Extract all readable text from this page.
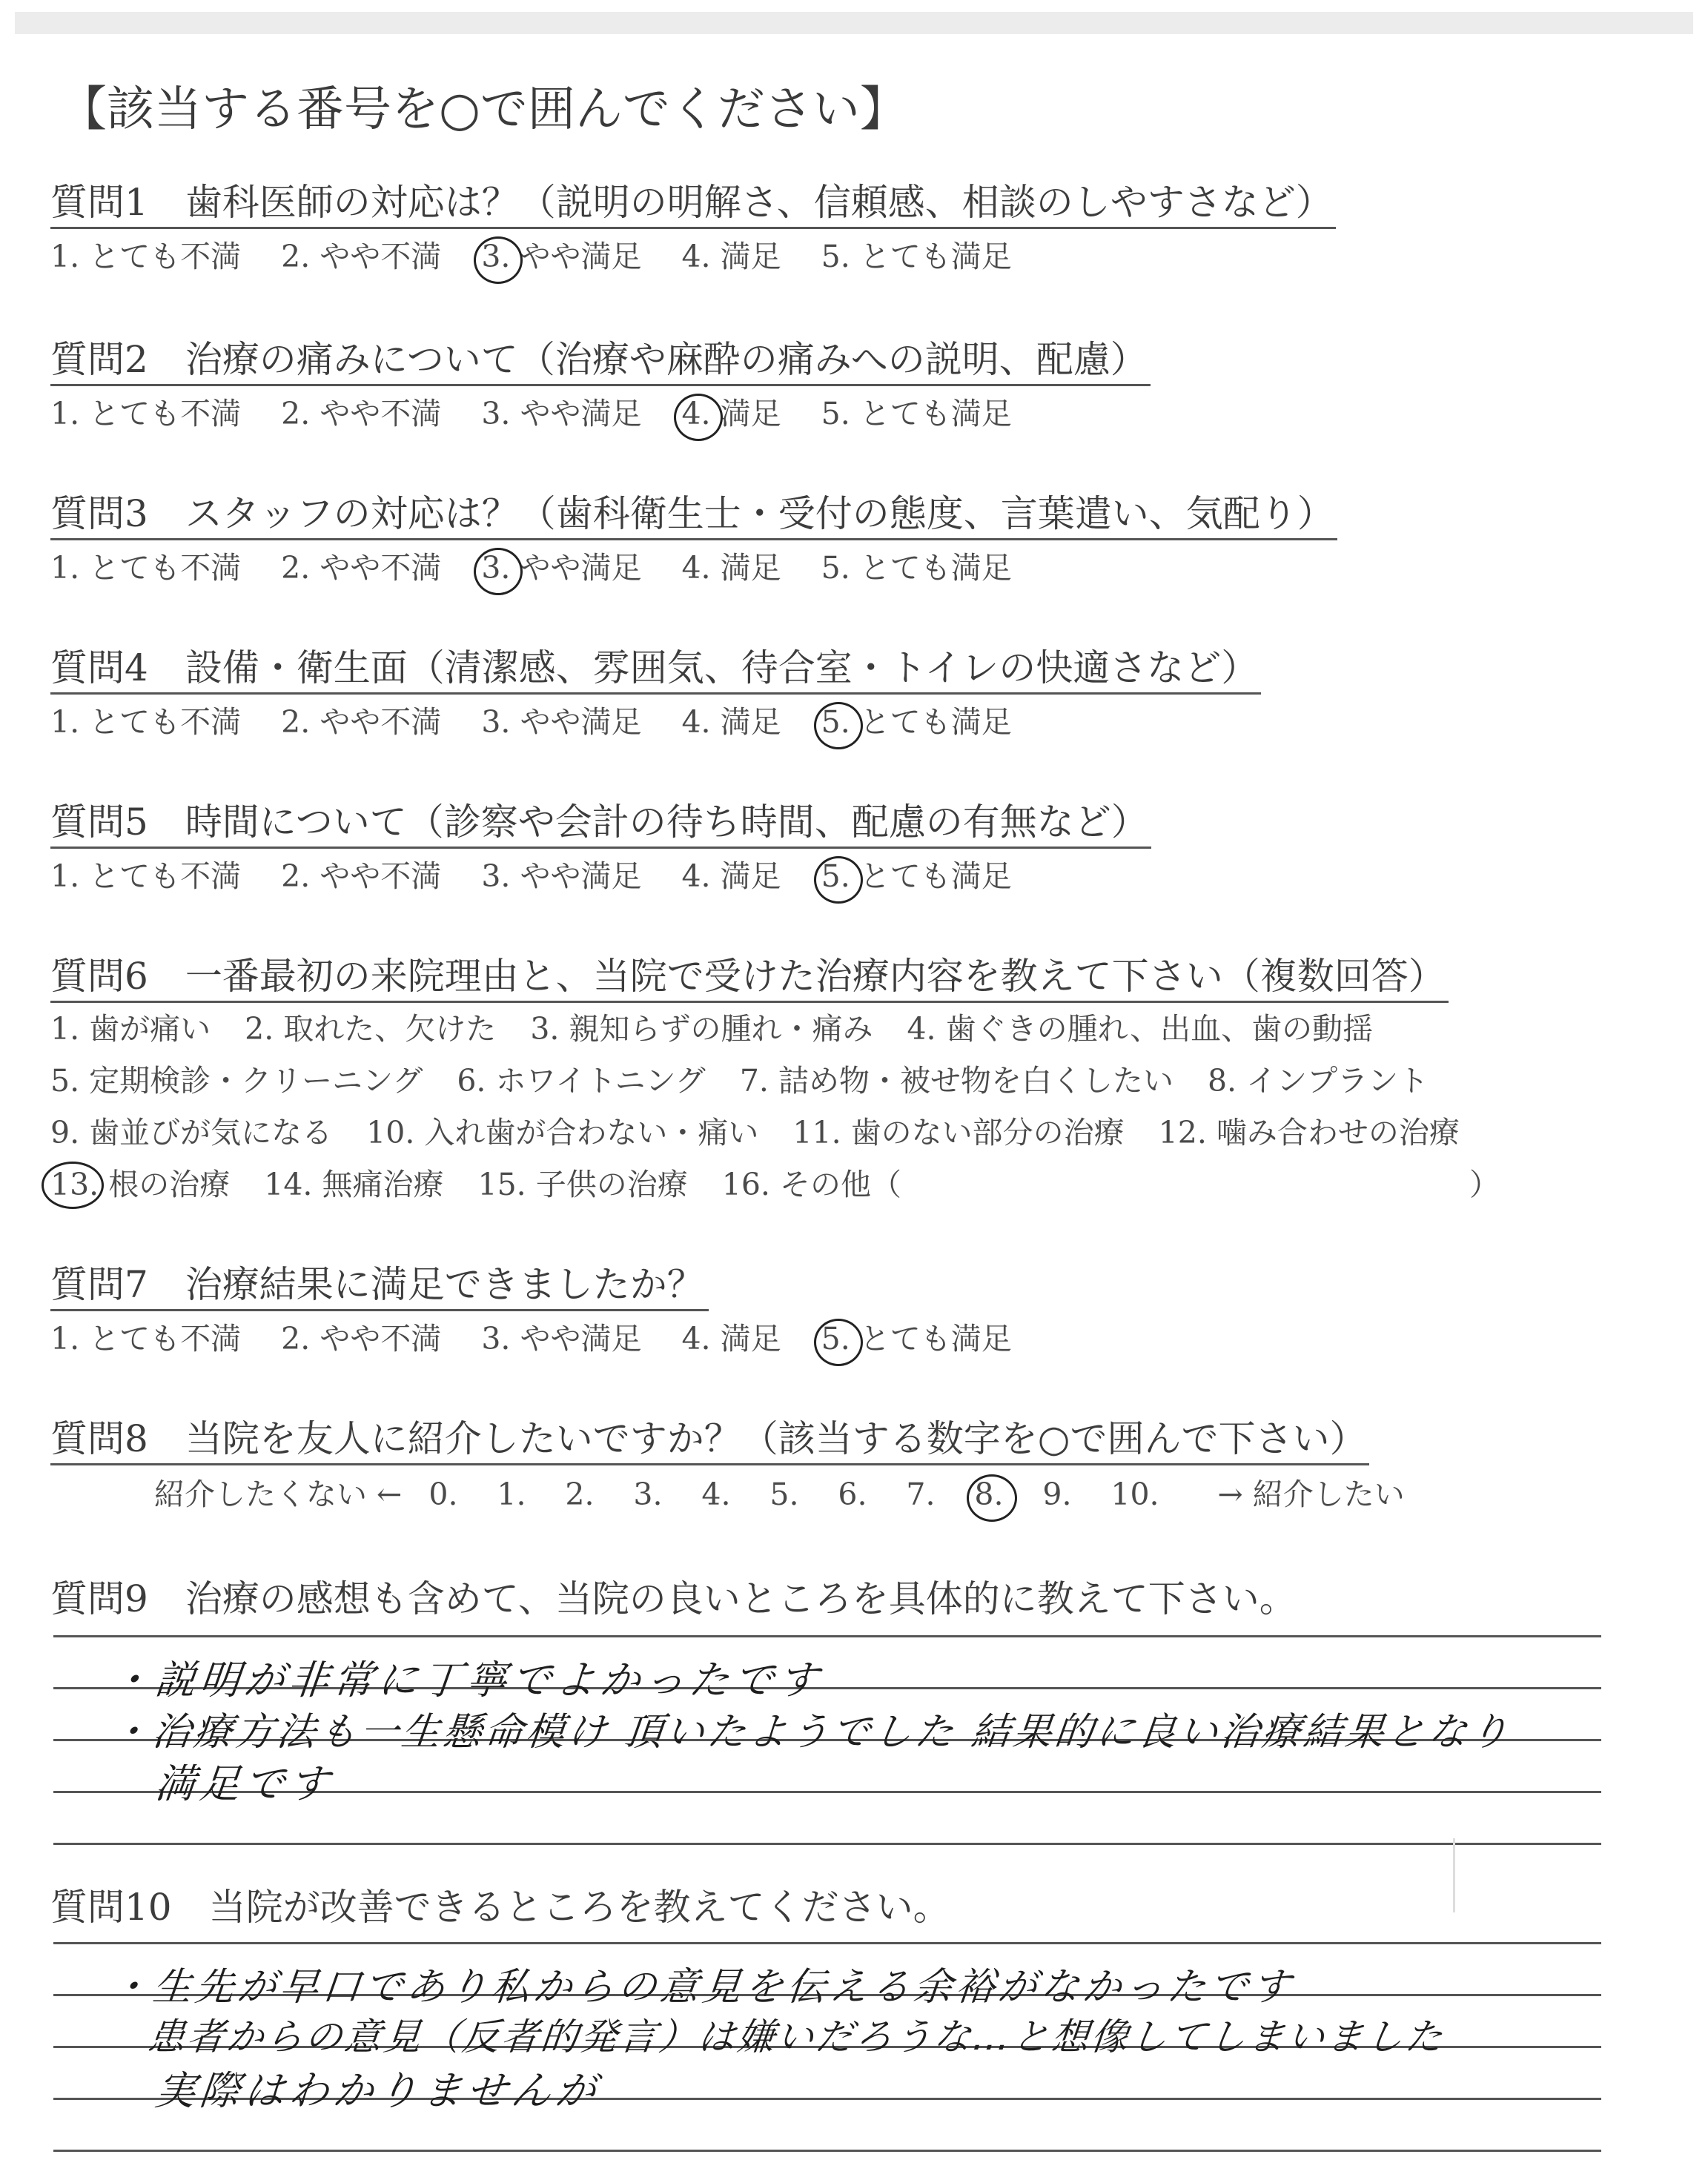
【該当する番号を○で囲んでください】
質問1 歯科医師の対応は？（説明の明解さ、信頼感、相談のしやすさなど）
1. とても不満 2. やや不満 3. やや満足 4. 満足 5. とても満足
質問2 治療の痛みについて（治療や麻酔の痛みへの説明、配慮）
1. とても不満 2. やや不満 3. やや満足 4. 満足 5. とても満足
質問3 スタッフの対応は？（歯科衛生士・受付の態度、言葉遣い、気配り）
1. とても不満 2. やや不満 3. やや満足 4. 満足 5. とても満足
質問4 設備・衛生面（清潔感、雰囲気、待合室・トイレの快適さなど）
1. とても不満 2. やや不満 3. やや満足 4. 満足 5. とても満足
質問5 時間について（診察や会計の待ち時間、配慮の有無など）
1. とても不満 2. やや不満 3. やや満足 4. 満足 5. とても満足
質問6 一番最初の来院理由と、当院で受けた治療内容を教えて下さい（複数回答）
1. 歯が痛い 2. 取れた、欠けた 3. 親知らずの腫れ・痛み 4. 歯ぐきの腫れ、出血、歯の動揺
5. 定期検診・クリーニング 6. ホワイトニング 7. 詰め物・被せ物を白くしたい 8. インプラント
9. 歯並びが気になる 10. 入れ歯が合わない・痛い 11. 歯のない部分の治療 12. 噛み合わせの治療
13. 根の治療 14. 無痛治療 15. 子供の治療 16. その他（	）
質問7 治療結果に満足できましたか？
1. とても不満 2. やや不満 3. やや満足 4. 満足 5. とても満足
質問8 当院を友人に紹介したいですか？（該当する数字を○で囲んで下さい）
紹介したくない ← 0. 1. 2. 3. 4. 5. 6. 7. 8. 9. 10. → 紹介したい
質問9 治療の感想も含めて、当院の良いところを具体的に教えて下さい。
・説明が非常に丁寧でよかったです
・治療方法も一生懸命模け 頂いたようでした 結果的に良い治療結果となり
満足です
質問10 当院が改善できるところを教えてください。
・生先が早口であり私からの意見を伝える余裕がなかったです
患者からの意見（反者的発言）は嫌いだろうな…と想像してしまいました
実際はわかりませんが
